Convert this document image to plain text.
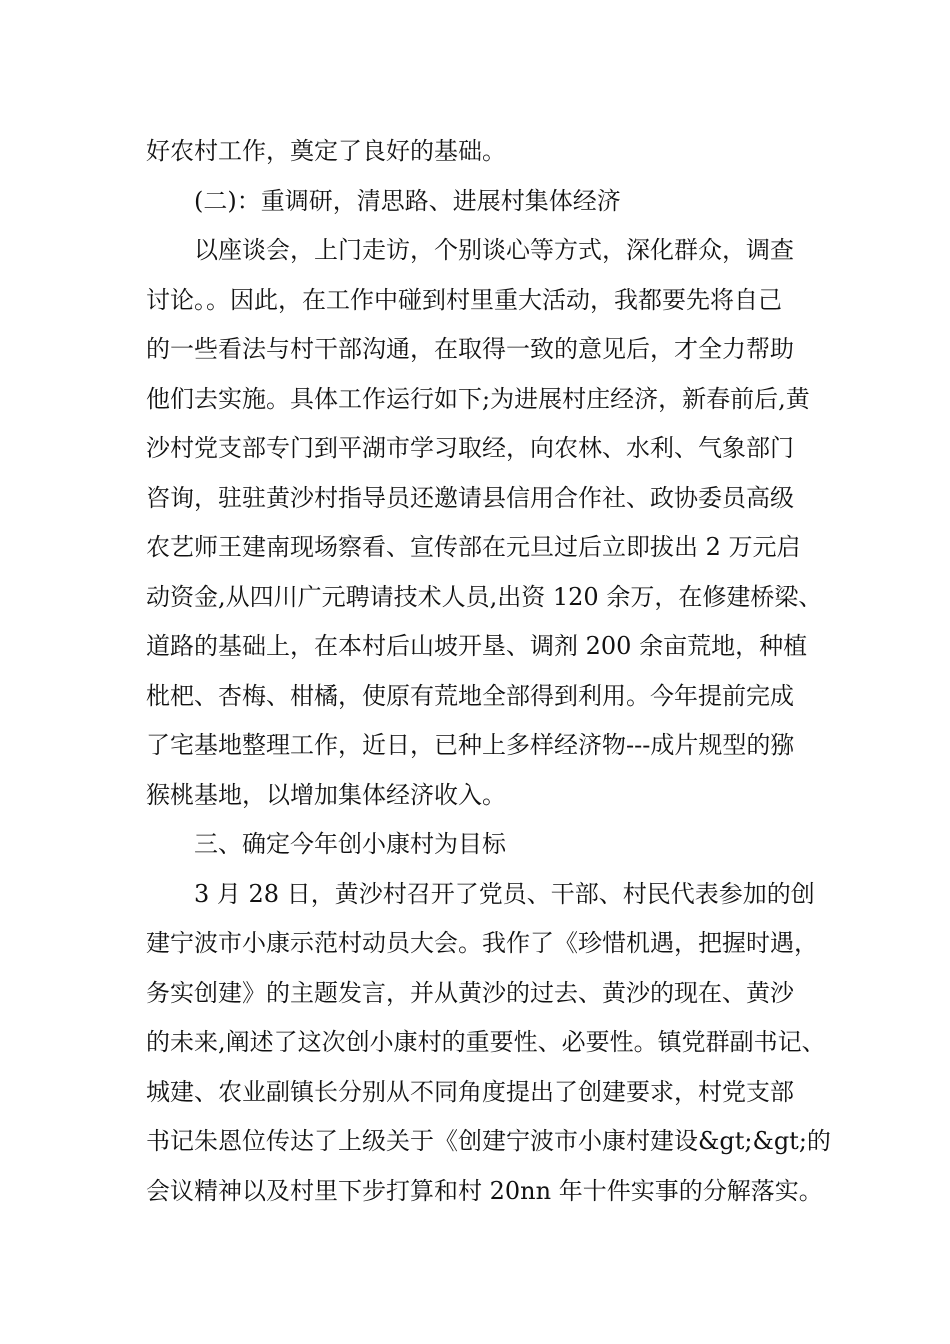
好农村工作，奠定了良好的基础。
(二)：重调研，清思路、进展村集体经济
以座谈会，上门走访，个别谈心等方式，深化群众，调查
讨论。。因此，在工作中碰到村里重大活动，我都要先将自己
的一些看法与村干部沟通，在取得一致的意见后，才全力帮助
他们去实施。具体工作运行如下;为进展村庄经济，新春前后,黄
沙村党支部专门到平湖市学习取经，向农林、水利、气象部门
咨询，驻驻黄沙村指导员还邀请县信用合作社、政协委员高级
农艺师王建南现场察看、宣传部在元旦过后立即拔出 2 万元启
动资金,从四川广元聘请技术人员,出资 120 余万，在修建桥梁、
道路的基础上，在本村后山坡开垦、调剂 200 余亩荒地，种植
枇杷、杏梅、柑橘，使原有荒地全部得到利用。今年提前完成
了宅基地整理工作，近日，已种上多样经济物---成片规型的猕
猴桃基地，以增加集体经济收入。
三、确定今年创小康村为目标
3 月 28 日，黄沙村召开了党员、干部、村民代表参加的创
建宁波市小康示范村动员大会。我作了《珍惜机遇，把握时遇，
务实创建》的主题发言，并从黄沙的过去、黄沙的现在、黄沙
的未来,阐述了这次创小康村的重要性、必要性。镇党群副书记、
城建、农业副镇长分别从不同角度提出了创建要求，村党支部
书记朱恩位传达了上级关于《创建宁波市小康村建设&gt;&gt;的
会议精神以及村里下步打算和村 20nn 年十件实事的分解落实。
